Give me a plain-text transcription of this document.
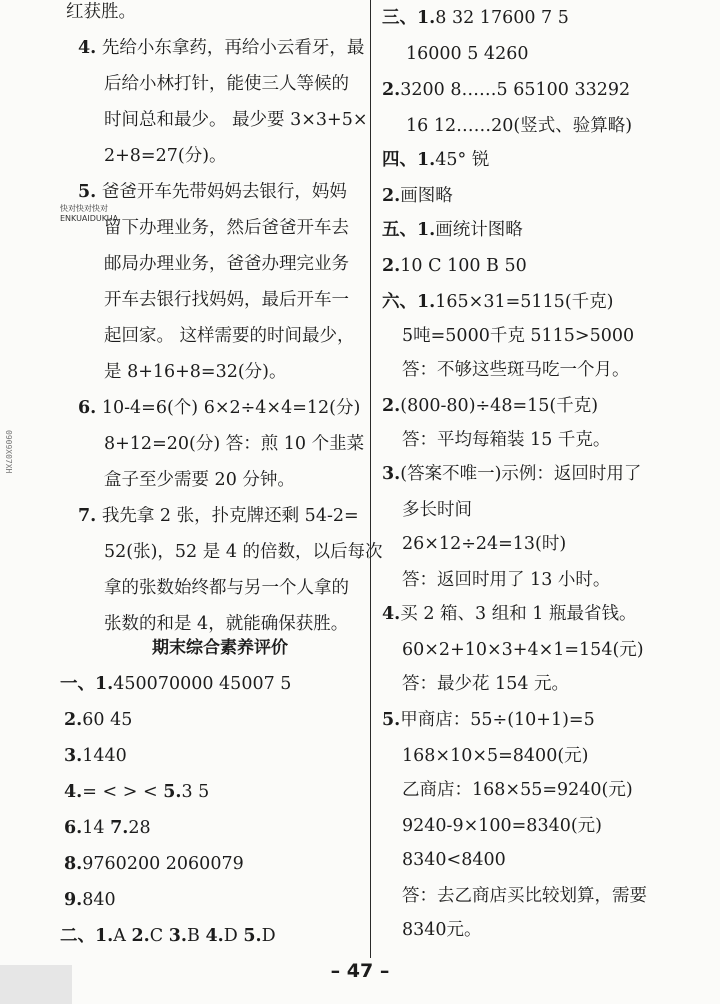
0909X07XH
红获胜。
4. 先给小东拿药，再给小云看牙，最
后给小林打针，能使三人等候的
时间总和最少。 最少要 3×3+5×
2+8=27(分)。
5. 爸爸开车先带妈妈去银行，妈妈
留下办理业务，然后爸爸开车去
邮局办理业务，爸爸办理完业务
开车去银行找妈妈，最后开车一
起回家。 这样需要的时间最少，
是 8+16+8=32(分)。
6. 10-4=6(个) 6×2÷4×4=12(分)
8+12=20(分) 答：煎 10 个韭菜
盒子至少需要 20 分钟。
7. 我先拿 2 张，扑克牌还剩 54-2=
52(张)，52 是 4 的倍数，以后每次
拿的张数始终都与另一个人拿的
张数的和是 4，就能确保获胜。
期末综合素养评价
一、1.450070000 45007 5
2.60 45
3.1440
4.= < > < 5.3 5
6.14 7.28
8.9760200 2060079
9.840
二、1.A 2.C 3.B 4.D 5.D
快对快对快对
ENKUAIDUKUA
三、1.8 32 17600 7 5
16000 5 4260
2.3200 8……5 65100 33292
16 12……20(竖式、验算略)
四、1.45° 锐
2.画图略
五、1.画统计图略
2.10 C 100 B 50
六、1.165×31=5115(千克)
5吨=5000千克 5115>5000
答：不够这些斑马吃一个月。
2.(800-80)÷48=15(千克)
答：平均每箱装 15 千克。
3.(答案不唯一)示例：返回时用了
多长时间
26×12÷24=13(时)
答：返回时用了 13 小时。
4.买 2 箱、3 组和 1 瓶最省钱。
60×2+10×3+4×1=154(元)
答：最少花 154 元。
5.甲商店：55÷(10+1)=5
168×10×5=8400(元)
乙商店：168×55=9240(元)
9240-9×100=8340(元)
8340<8400
答：去乙商店买比较划算，需要
8340元。
– 47 –
